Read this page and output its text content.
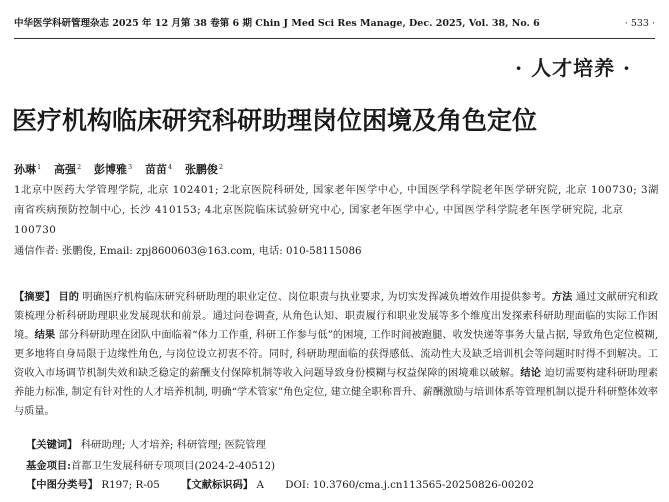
中华医学科研管理杂志 2025 年 12 月第 38 卷第 6 期 Chin J Med Sci Res Manage, Dec. 2025, Vol. 38, No. 6	· 533 ·
· 人才培养 ·
医疗机构临床研究科研助理岗位困境及角色定位
孙琳$^1$ 高强$^2$ 彭博雅$^3$ 苗苗$^4$ 张鹏俊$^2$

1北京中医药大学管理学院, 北京 102401; 2北京医院科研处, 国家老年医学中心, 中国医学科学院老年医学研究院, 北京 100730; 3湖南省疾病预防控制中心, 长沙 410153; 4北京医院临床试验研究中心, 国家老年医学中心, 中国医学科学院老年医学研究院, 北京 100730

通信作者: 张鹏俊, Email: zpj8600603@163.com, 电话: 010-58115086

【摘要】 目的 明确医疗机构临床研究科研助理的职业定位、岗位职责与执业要求, 为切实发挥减负增效作用提供参考。方法 通过文献研究和政策梳理分析科研助理职业发展现状和前景。通过问卷调查, 从角色认知、职责履行和职业发展等多个维度出发探索科研助理面临的实际工作困境。结果 部分科研助理在团队中面临着“体力工作重, 科研工作参与低”的困境, 工作时间被跑腿、收发快递等事务大量占据, 导致角色定位模糊, 更多地将自身局限于边缘性角色, 与岗位设立初衷不符。同时, 科研助理面临的获得感低、流动性大及缺乏培训机会等问题时时得不到解决。工资收入市场调节机制失效和缺乏稳定的薪酬支付保障机制等收入问题导致身份模糊与权益保障的困境难以破解。结论 迫切需要构建科研助理素养能力标准, 制定有针对性的人才培养机制, 明确“学术管家”角色定位, 建立健全职称晋升、薪酬激励与培训体系等管理机制以提升科研整体效率与质量。

【关键词】 科研助理; 人才培养; 科研管理; 医院管理
基金项目:首都卫生发展科研专项项目(2024-2-40512)
【中图分类号】 R197; R-05 【文献标识码】 A DOI: 10.3760/cma.j.cn113565-20250826-00202
